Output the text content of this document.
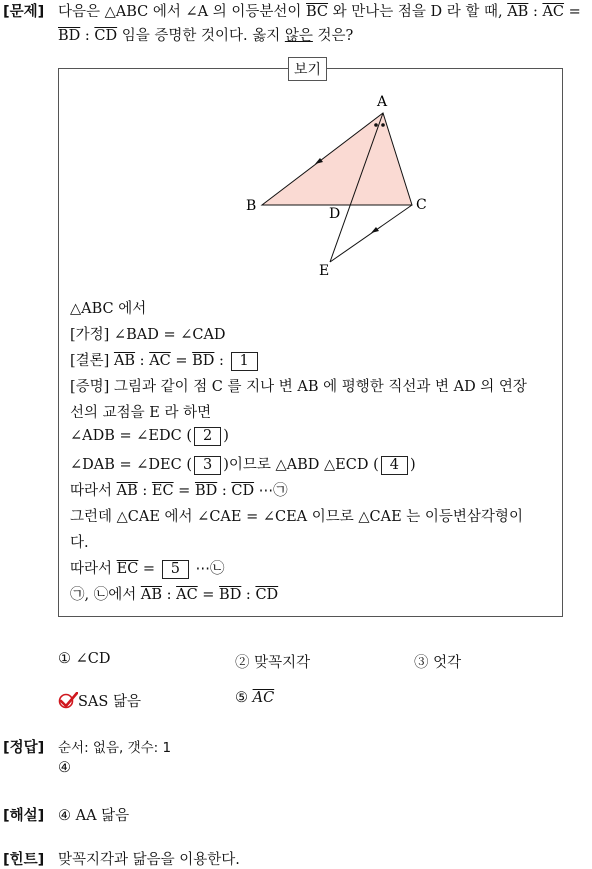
[문제] 다음은 △ABC 에서 ∠A 의 이등분선이 $\overline{BC}$ 와 만나는 점을 D 라 할 때, $\overline{AB}$ : $\overline{AC}$ =
$\overline{BD}$ : $\overline{CD}$ 임을 증명한 것이다. 옳지 않은 것은?
보기
A
B	C
D
E
△ABC 에서
[가정] ∠BAD = ∠CAD
[결론] $\overline{AB}$ : $\overline{AC} = \overline{BD}$ : 1
[증명] 그림과 같이 점 C 를 지나 변 AB 에 평행한 직선과 변 AD 의 연장
선의 교점을 E 라 하면
∠ADB = ∠EDC ( 2 )
∠DAB = ∠DEC ( 3 )이므로 △ABD △ECD ( 4 )
따라서 $\overline{AB}$ : $\overline{EC} = \overline{BD}$ : $\overline{CD}$ ⋯㉠
그런데 △CAE 에서 ∠CAE = ∠CEA 이므로 △CAE 는 이등변삼각형이
다.
따라서 $\overline{EC} = 5$ ⋯㉡
㉠, ㉡에서 $\overline{AB}$ : $\overline{AC} = \overline{BD}$ : $\overline{CD}$
① ∠CD	② 맞꼭지각	③ 엇각
SAS 닮음	⑤ $\overline{AC}$
[정답] 순서: 없음, 갯수: 1
④
[해설] ④ AA 닮음
[힌트] 맞꼭지각과 닮음을 이용한다.
